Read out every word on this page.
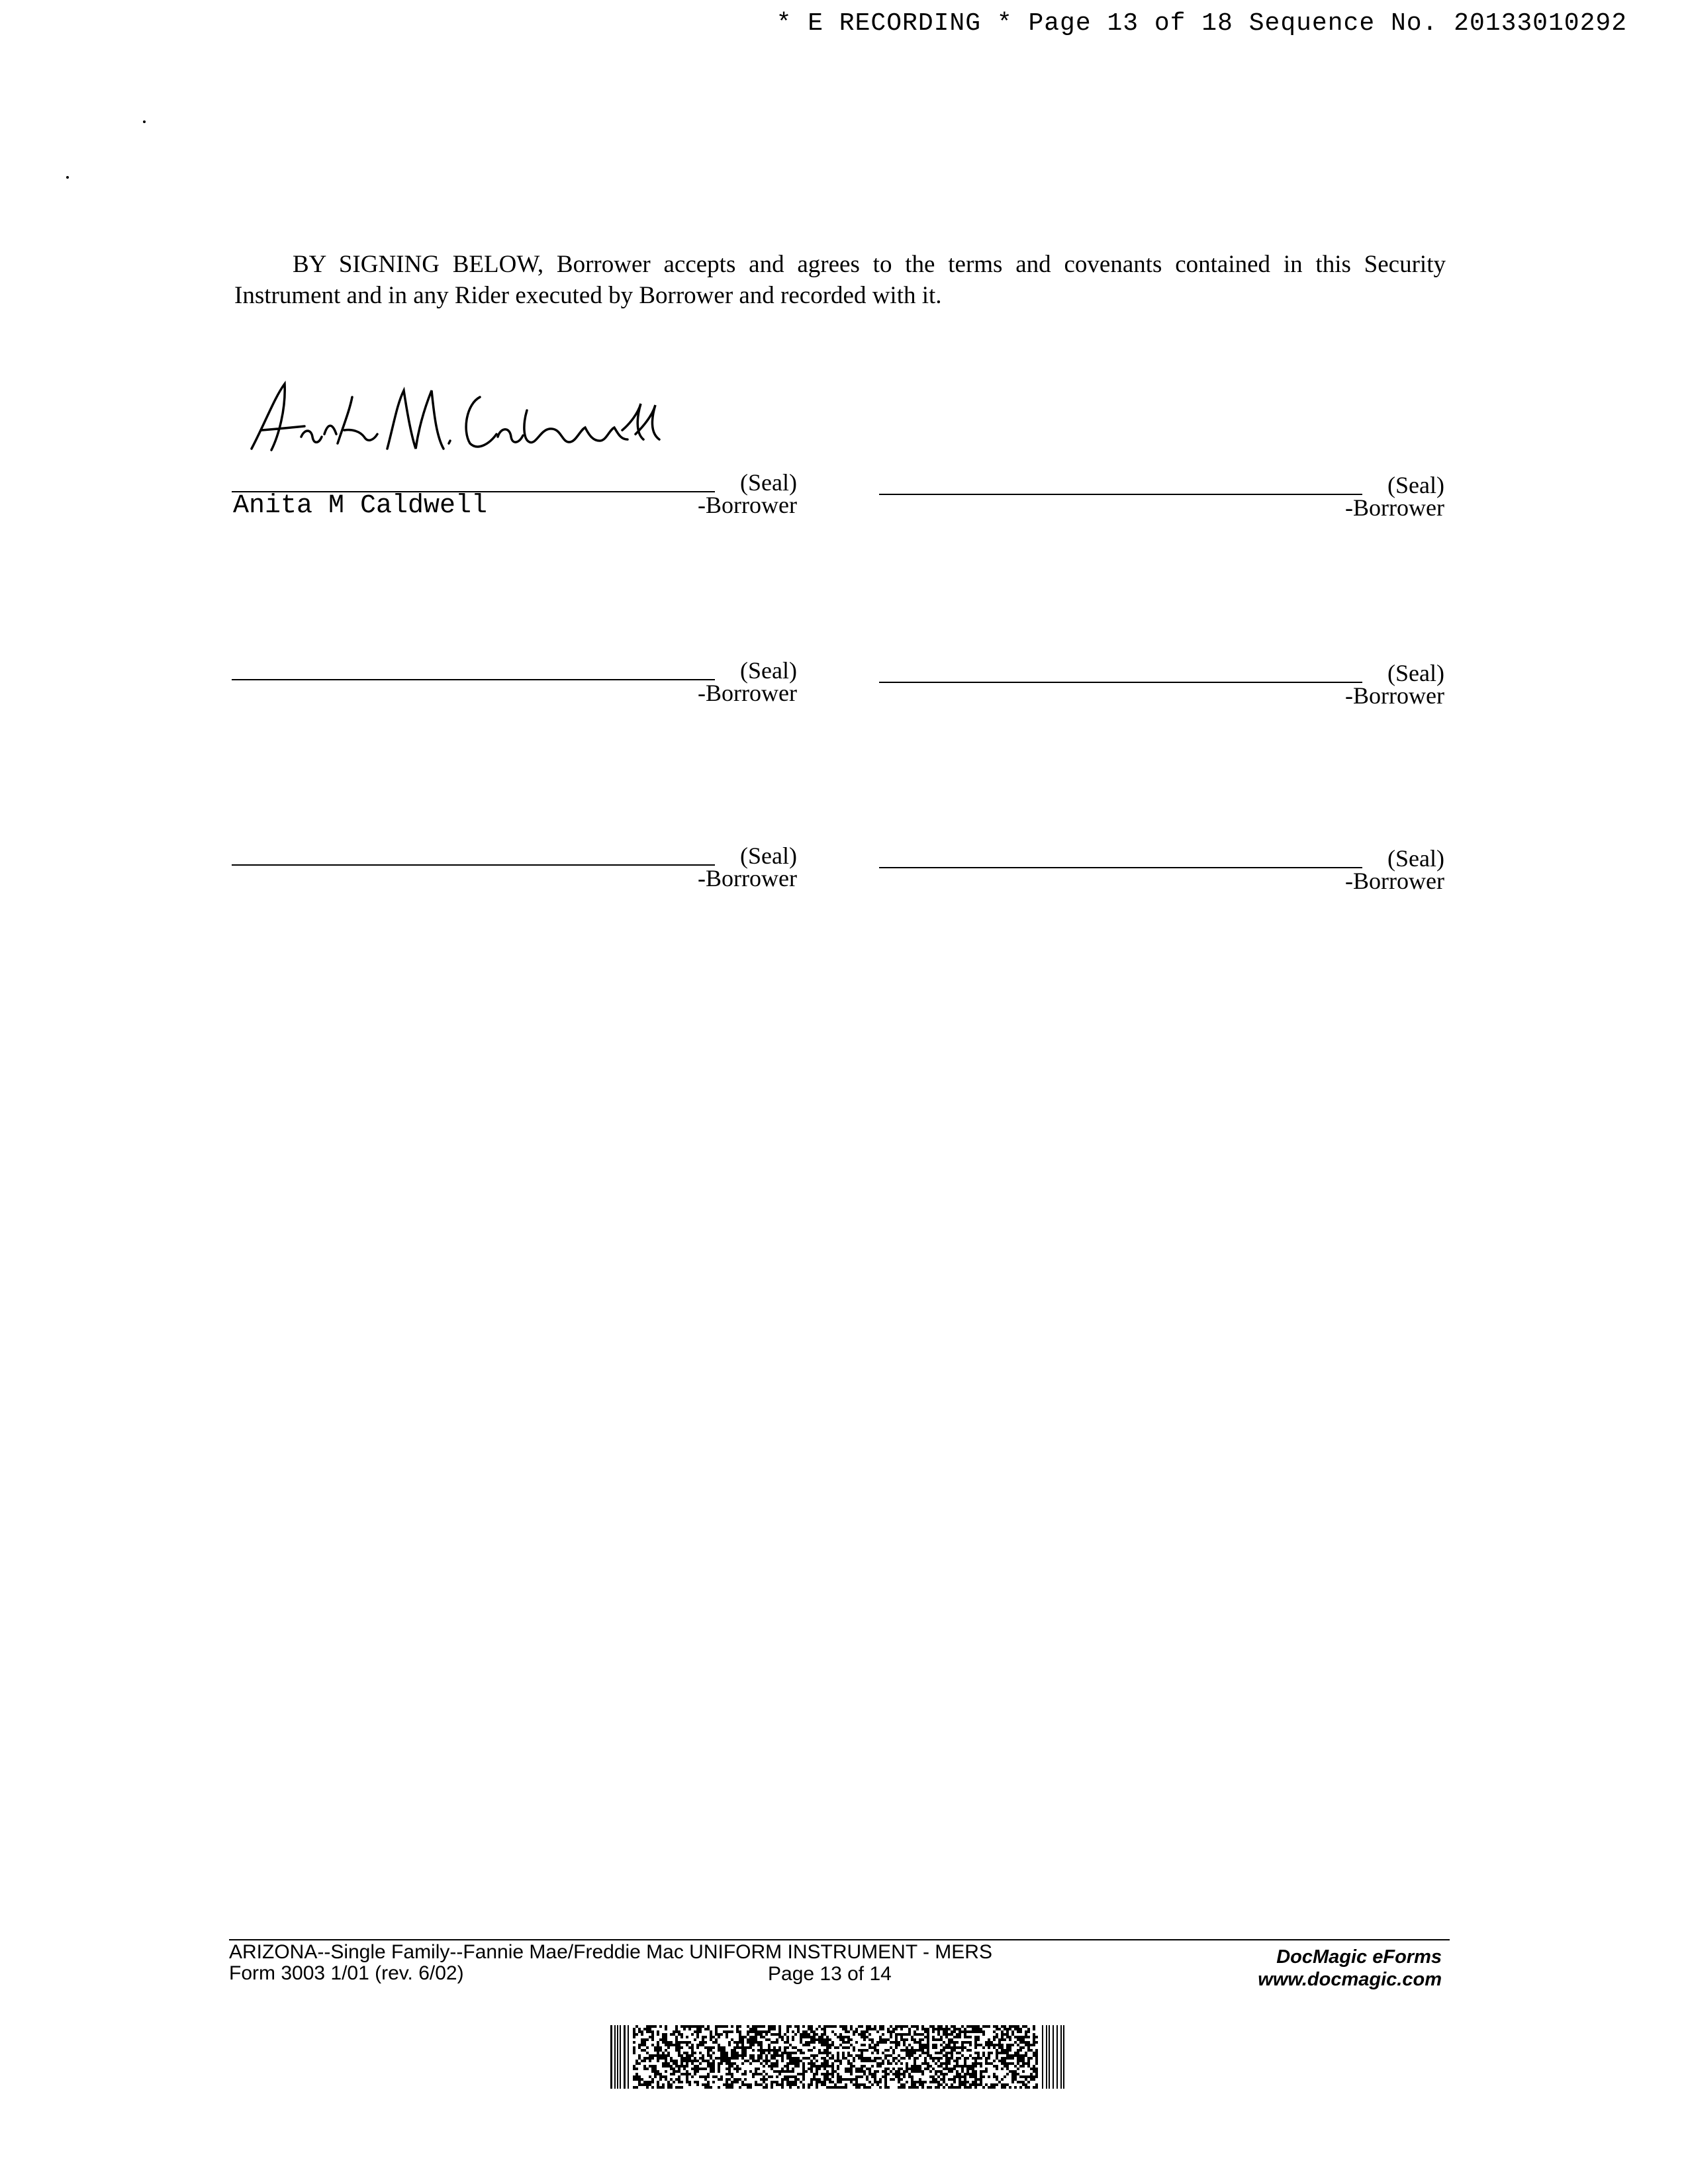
* E RECORDING * Page 13 of 18 Sequence No. 20133010292
BY SIGNING BELOW, Borrower accepts and agrees to the terms and covenants contained in this Security Instrument and in any Rider executed by Borrower and recorded with it.
(Seal)
Anita M Caldwell	-Borrower
(Seal)
-Borrower
(Seal)
-Borrower
(Seal)
-Borrower
(Seal)
-Borrower
(Seal)
-Borrower
ARIZONA--Single Family--Fannie Mae/Freddie Mac UNIFORM INSTRUMENT - MERS
Form 3003 1/01 (rev. 6/02)	Page 13 of 14
DocMagic eForms
www.docmagic.com
